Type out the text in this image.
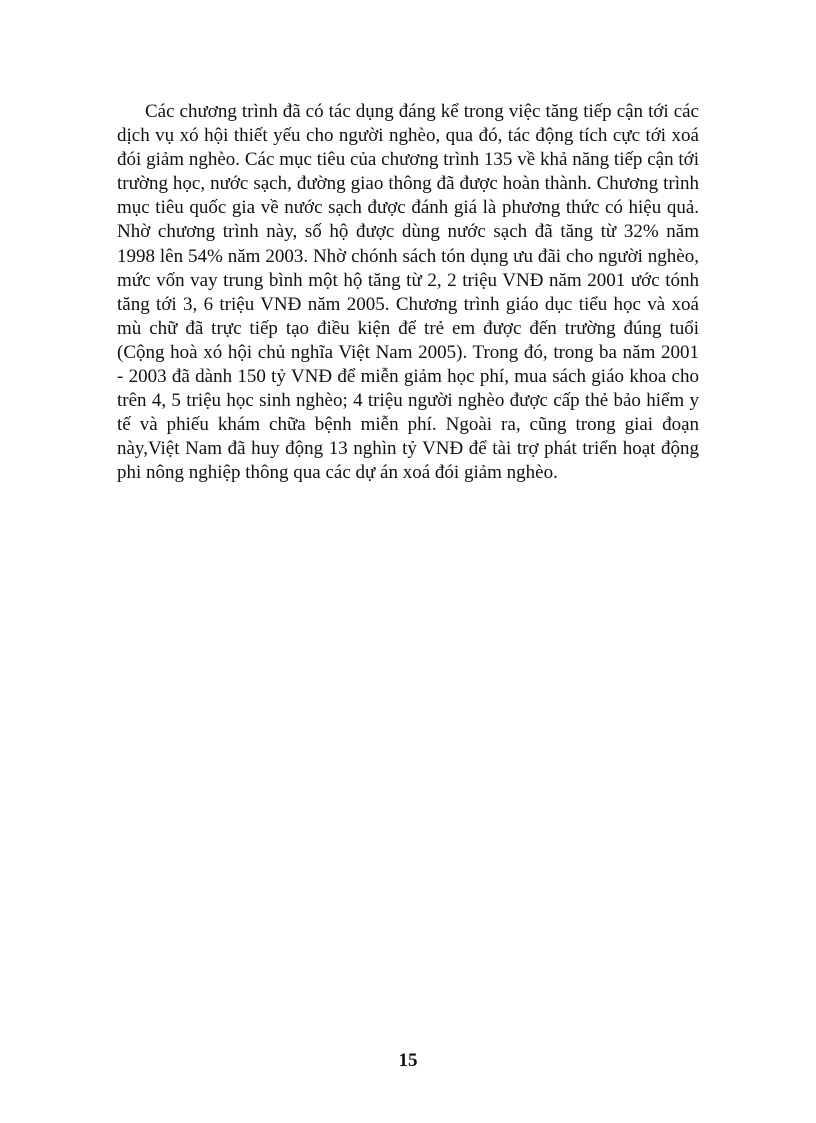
Các chương trình đã có tác dụng đáng kể trong việc tăng tiếp cận tới các
dịch vụ xó hội thiết yếu cho người nghèo, qua đó, tác động tích cực tới xoá
đói giảm nghèo. Các mục tiêu của chương trình 135 về khả năng tiếp cận tới
trường học, nước sạch, đường giao thông đã được hoàn thành. Chương trình
mục tiêu quốc gia về nước sạch được đánh giá là phương thức có hiệu quả.
Nhờ chương trình này, số hộ được dùng nước sạch đã tăng từ 32% năm
1998 lên 54% năm 2003. Nhờ chónh sách tón dụng ưu đãi cho người nghèo,
mức vốn vay trung bình một hộ tăng từ 2, 2 triệu VNĐ năm 2001 ước tónh
tăng tới 3, 6 triệu VNĐ năm 2005. Chương trình giáo dục tiểu học và xoá
mù chữ đã trực tiếp tạo điều kiện để trẻ em được đến trường đúng tuổi
(Cộng hoà xó hội chủ nghĩa Việt Nam 2005). Trong đó, trong ba năm 2001
- 2003 đã dành 150 tỷ VNĐ để miễn giảm học phí, mua sách giáo khoa cho
trên 4, 5 triệu học sinh nghèo; 4 triệu người nghèo được cấp thẻ bảo hiểm y
tế và phiếu khám chữa bệnh miễn phí. Ngoài ra, cũng trong giai đoạn
này,Việt Nam đã huy động 13 nghìn tỷ VNĐ để tài trợ phát triển hoạt động
phi nông nghiệp thông qua các dự án xoá đói giảm nghèo.

15
